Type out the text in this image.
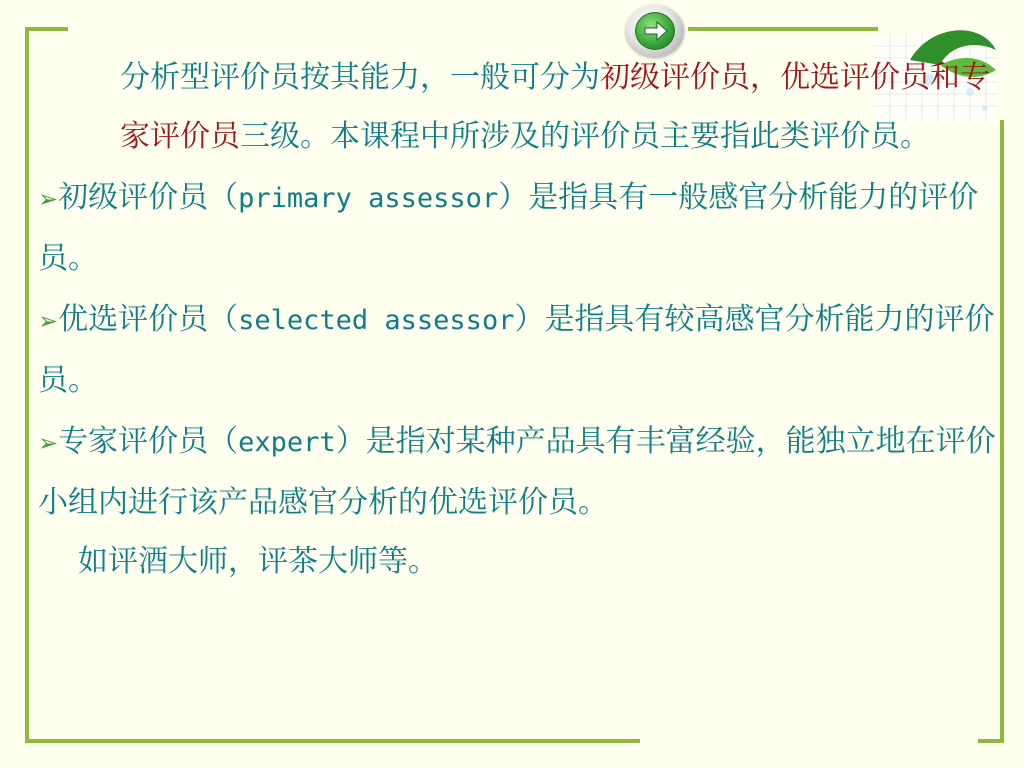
分析型评价员按其能力，一般可分为初级评价员，优选评价员和专家评价员三级。本课程中所涉及的评价员主要指此类评价员。

➢初级评价员（primary assessor）是指具有一般感官分析能力的评价员。

➢优选评价员（selected assessor）是指具有较高感官分析能力的评价员。

➢专家评价员（expert）是指对某种产品具有丰富经验，能独立地在评价小组内进行该产品感官分析的优选评价员。

如评酒大师，评茶大师等。
